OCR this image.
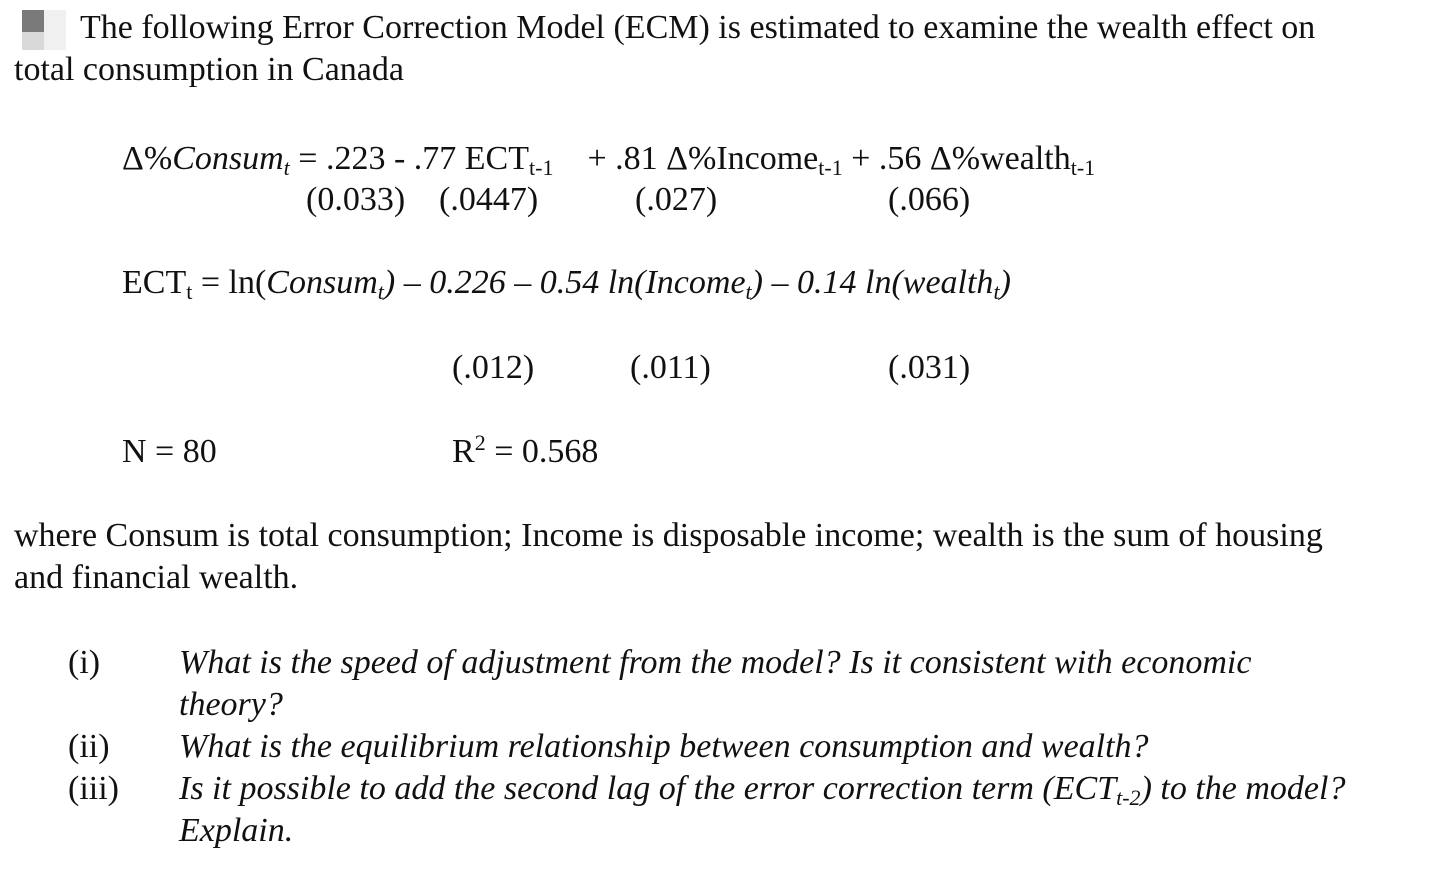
The following Error Correction Model (ECM) is estimated to examine the wealth effect on
total consumption in Canada
Δ%Consumt = .223 - .77 ECTt-1 + .81 Δ%Incomet-1 + .56 Δ%wealtht-1
(0.033) (.0447)	(.027)	(.066)
ECTt = ln(Consumt) – 0.226 – 0.54 ln(Incomet) – 0.14 ln(wealtht)
(.012)	(.011)	(.031)
N = 80	$R^2 = 0.568$
where Consum is total consumption; Income is disposable income; wealth is the sum of housing
and financial wealth.
(i) What is the speed of adjustment from the model? Is it consistent with economic
theory?
(ii) What is the equilibrium relationship between consumption and wealth?
(iii) Is it possible to add the second lag of the error correction term (ECTt-2) to the model?
Explain.
